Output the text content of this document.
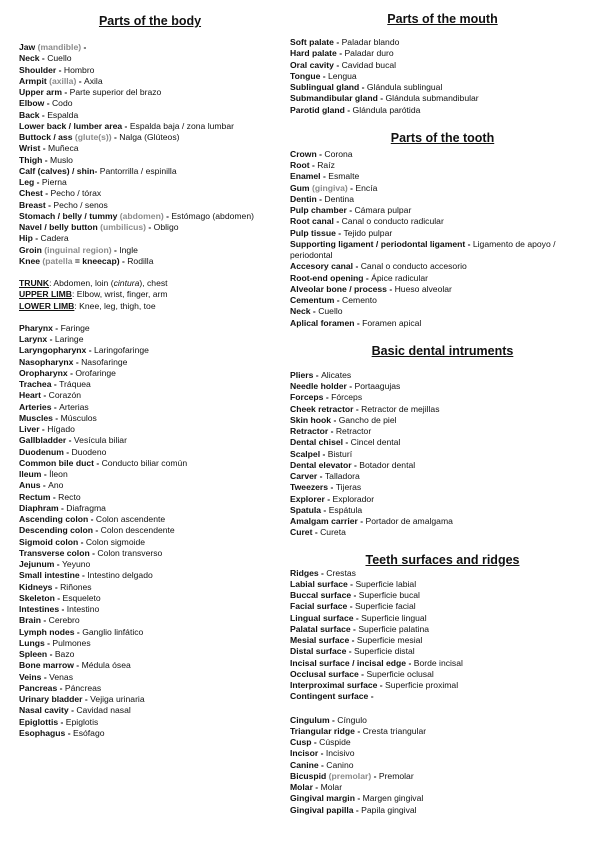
Parts of the body
Jaw (mandible) -
Neck - Cuello
Shoulder - Hombro
Armpit (axilla) - Axila
Upper arm - Parte superior del brazo
Elbow - Codo
Back - Espalda
Lower back / lumber area - Espalda baja / zona lumbar
Buttock / ass (glute(s)) - Nalga (Glúteos)
Wrist - Muñeca
Thigh - Muslo
Calf (calves) / shin- Pantorrilla / espinilla
Leg - Pierna
Chest - Pecho / tórax
Breast - Pecho / senos
Stomach / belly / tummy (abdomen) - Estómago (abdomen)
Navel / belly button (umbilicus) - Obligo
Hip - Cadera
Groin (inguinal region) - Ingle
Knee (patella = kneecap) - Rodilla
TRUNK: Abdomen, loin (cintura), chest
UPPER LIMB: Elbow, wrist, finger, arm
LOWER LIMB: Knee, leg, thigh, toe
Pharynx - Faringe
Larynx - Laringe
Laryngopharynx - Laringofaringe
Nasopharynx - Nasofaringe
Oropharynx - Orofaringe
Trachea - Tráquea
Heart - Corazón
Arteries - Arterias
Muscles - Músculos
Liver - Hígado
Gallbladder - Vesícula biliar
Duodenum - Duodeno
Common bile duct - Conducto biliar común
Ileum - Íleon
Anus - Ano
Rectum - Recto
Diaphram - Diafragma
Ascending colon - Colon ascendente
Descending colon - Colon descendente
Sigmoid colon - Colon sigmoide
Transverse colon - Colon transverso
Jejunum - Yeyuno
Small intestine - Intestino delgado
Kidneys - Riñones
Skeleton - Esqueleto
Intestines - Intestino
Brain - Cerebro
Lymph nodes - Ganglio linfático
Lungs - Pulmones
Spleen - Bazo
Bone marrow - Médula ósea
Veins - Venas
Pancreas - Páncreas
Urinary bladder - Vejiga urinaria
Nasal cavity - Cavidad nasal
Epiglottis - Epiglotis
Esophagus - Esófago
Parts of the mouth
Soft palate - Paladar blando
Hard palate - Paladar duro
Oral cavity - Cavidad bucal
Tongue - Lengua
Sublingual gland - Glándula sublingual
Submandibular gland - Glándula submandibular
Parotid gland - Glándula parótida
Parts of the tooth
Crown - Corona
Root - Raíz
Enamel - Esmalte
Gum (gingiva) - Encía
Dentin - Dentina
Pulp chamber - Cámara pulpar
Root canal - Canal o conducto radicular
Pulp tissue - Tejido pulpar
Supporting ligament / periodontal ligament - Ligamento de apoyo / periodontal
Accesory canal - Canal o conducto accesorio
Root-end opening - Ápice radicular
Alveolar bone / process - Hueso alveolar
Cementum - Cemento
Neck - Cuello
Aplical foramen - Foramen apical
Basic dental intruments
Pliers - Alicates
Needle holder - Portaagujas
Forceps - Fórceps
Cheek retractor - Retractor de mejillas
Skin hook - Gancho de piel
Retractor - Retractor
Dental chisel - Cincel dental
Scalpel - Bisturí
Dental elevator - Botador dental
Carver - Talladora
Tweezers - Tijeras
Explorer - Explorador
Spatula - Espátula
Amalgam carrier - Portador de amalgama
Curet - Cureta
Teeth surfaces and ridges
Ridges - Crestas
Labial surface - Superficie labial
Buccal surface - Superficie bucal
Facial surface - Superficie facial
Lingual surface - Superficie lingual
Palatal surface - Superficie palatina
Mesial surface - Superficie mesial
Distal surface - Superficie distal
Incisal surface / incisal edge - Borde incisal
Occlusal surface - Superficie oclusal
Interproximal surface - Superficie proximal
Contingent surface -
Cingulum - Cíngulo
Triangular ridge - Cresta triangular
Cusp - Cúspide
Incisor - Incisivo
Canine - Canino
Bicuspid (premolar) - Premolar
Molar - Molar
Gingival margin - Margen gingival
Gingival papilla - Papila gingival
